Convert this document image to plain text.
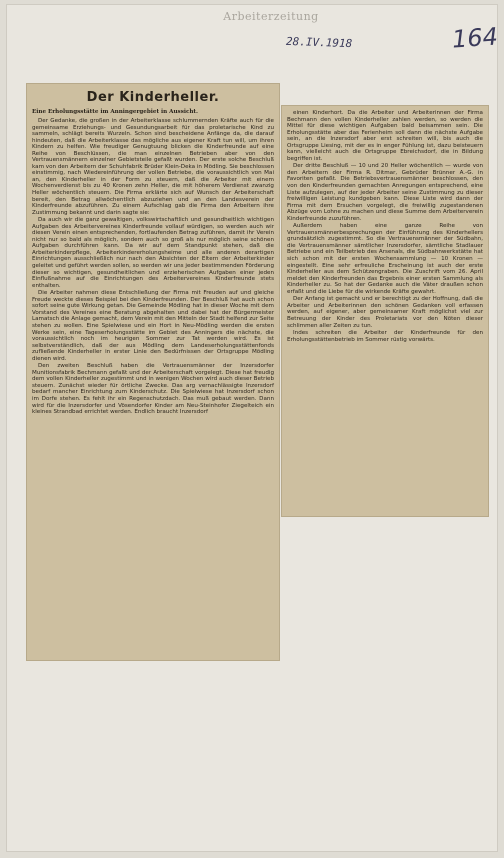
Arbeiterzeitung
28.IV.1918	164
Der Kinderheller.
Eine Erholungsstätte im Anningergebiet in Aussicht.

Der Gedanke, die großen in der Arbeiterklasse schlummernden Kräfte auch für die gemeinsame Erziehungs- und Gesundungsarbeit für das proletarische Kind zu sammeln, schlägt bereits Wurzeln. Schon sind bescheidene Anfänge da, die darauf hindeuten, daß die Arbeiterklasse das mögliche aus eigener Kraft tun will, um ihren Kindern zu helfen. Wie freudiger Genugtuung blicken die Kinderfreunde auf eine Reihe von Beschlüssen, die man einzelnen Betrieben aber von den Vertrauensmännern einzelner Gebietsteile gefaßt wurden. Der erste solche Beschluß kam von den Arbeitern der Schuhfabrik Brüder Klein-Deka in Mödling. Sie beschlossen einstimmig, nach Wiedereinführung der vollen Betriebe, die voraussichtlich von Mai an, den Kinderheller in der Form zu steuern, daß die Arbeiter mit einem Wochenverdienst bis zu 40 Kronen zehn Heller, die mit höherem Verdienst zwanzig Heller wöchentlich steuern. Die Firma erklärte sich auf Wunsch der Arbeiterschaft bereit, den Betrag allwöchentlich abzuziehen und an den Landesverein der Kinderfreunde abzuführen. Zu einem Aufschlag gab die Firma den Arbeitern ihre Zustimmung bekannt und darin sagte sie:

Da auch wir die ganz gewaltigen, volkswirtschaftlich und gesundheitlich wichtigen Aufgaben des Arbeitervereines Kinderfreunde vollauf würdigen, so werden auch wir diesen Verein einen entsprechenden, fortlaufenden Betrag zuführen, damit ihr Verein nicht nur so bald als möglich, sondern auch so groß als nur möglich seine schönen Aufgaben durchführen kann. Da wir auf dem Standpunkt stehen, daß die Arbeiterkinderpflege, Arbeiterkindererholungsheime und alle anderen derartigen Einrichtungen ausschließlich nur nach den Absichten der Eltern der Arbeiterkinder geleitet und geführt werden sollen, so werden wir uns jeder bestimmenden Förderung dieser so wichtigen, gesundheitlichen und erzieherischen Aufgaben einer jeden Einflußnahme auf die Einrichtungen des Arbeitervereines Kinderfreunde stets enthalten.

Die Arbeiter nahmen diese Entschließung der Firma mit Freuden auf und gleiche Freude weckte dieses Beispiel bei den Kinderfreunden. Der Beschluß hat auch schon sofort seine gute Wirkung getan. Die Gemeinde Mödling hat in dieser Woche mit dem Vorstand des Vereines eine Beratung abgehalten und dabei hat der Bürgermeister Lamatsch die Anlage gemacht, dem Verein mit den Mitteln der Stadt helfend zur Seite stehen zu wollen. Eine Spielwiese und ein Hort in Neu-Mödling werden die ersten Werke sein, eine Tageserholungsstätte im Gebiet des Anningers die nächste, die voraussichtlich noch im heurigen Sommer zur Tat werden wird. Es ist selbstverständlich, daß der aus Mödling dem Landeserholungsstättenfonds zufließende Kinderheller in erster Linie den Bedürfnissen der Ortsgruppe Mödling dienen wird.

Den zweiten Beschluß haben die Vertrauensmänner der Inzersdorfer Munitionsfabrik Bechmann gefaßt und der Arbeiterschaft vorgelegt. Diese hat freudig dem vollen Kinderheller zugestimmt und in wenigen Wochen wird auch dieser Betrieb steuern. Zunächst wieder für örtliche Zwecke. Das arg vernachlässigte Inzersdorf bedarf mancher Einrichtung zum Kinderschutz. Die Spielwiese hat Inzersdorf schon im Dorfe stehen. Es fehlt ihr ein Regenschutzdach. Das muß gebaut werden. Dann wird für die Inzersdorfer und Vösendorfer Kinder am Neu-Steinhofer Ziegelteich ein kleines Strandbad errichtet werden. Endlich braucht Inzersdorf

einen Kinderhort. Da die Arbeiter und Arbeiterinnen der Firma Bechmann den vollen Kinderheller zahlen werden, so werden die Mittel für diese wichtigen Aufgaben bald beisammen sein. Die Erholungsstätte aber das Ferienheim soll dann die nächste Aufgabe sein, an die Inzersdorf aber erst schreiten will, bis auch die Ortsgruppe Liesing, mit der es in enger Fühlung ist, dazu beisteuern kann, vielleicht auch die Ortsgruppe Ebreichsdorf, die in Bildung begriffen ist.

Der dritte Beschluß — 10 und 20 Heller wöchentlich — wurde von den Arbeitern der Firma R. Ditmar, Gebrüder Brünner A.-G. in Favoriten gefaßt. Die Betriebsvertrauensmänner beschlossen, den von den Kinderfreunden gemachten Anregungen entsprechend, eine Liste aufzulegen, auf der jeder Arbeiter seine Zustimmung zu dieser freiwilligen Leistung kundgeben kann. Diese Liste wird dann der Firma mit dem Ersuchen vorgelegt, die freiwillig zugestandenen Abzüge vom Lohne zu machen und diese Summe dem Arbeiterverein Kinderfreunde zuzuführen.

Außerdem haben eine ganze Reihe von Vertrauensmännerbesprechungen der Einführung des Kinderhellers grundsätzlich zugestimmt. So die Vertrauensmänner der Südbahn, die Vertrauensmänner sämtlicher Inzersdorfer, sämtliche Stadlauer Betriebe und ein Teilbetrieb des Arsenals, die Südbahnwerkstätte hat sich schon mit der ersten Wochensammlung — 10 Kronen — eingestellt. Eine sehr erfreuliche Erscheinung ist auch der erste Kinderheller aus dem Schützengraben. Die Zuschrift vom 26. April meldet den Kinderfreunden das Ergebnis einer ersten Sammlung als Kinderheller zu. So hat der Gedanke auch die Väter draußen schon erfaßt und die Liebe für die wirkende Kräfte gewahrt.

Der Anfang ist gemacht und er berechtigt zu der Hoffnung, daß die Arbeiter und Arbeiterinnen den schönen Gedanken voll erfassen werden, auf eigener, aber gemeinsamer Kraft möglichst viel zur Betreuung der Kinder des Proletariats vor den Nöten dieser schlimmen aller Zeiten zu tun.

Indes schreiten die Arbeiter der Kinderfreunde für den Erholungsstättenbetrieb im Sommer rüstig vorwärts.
